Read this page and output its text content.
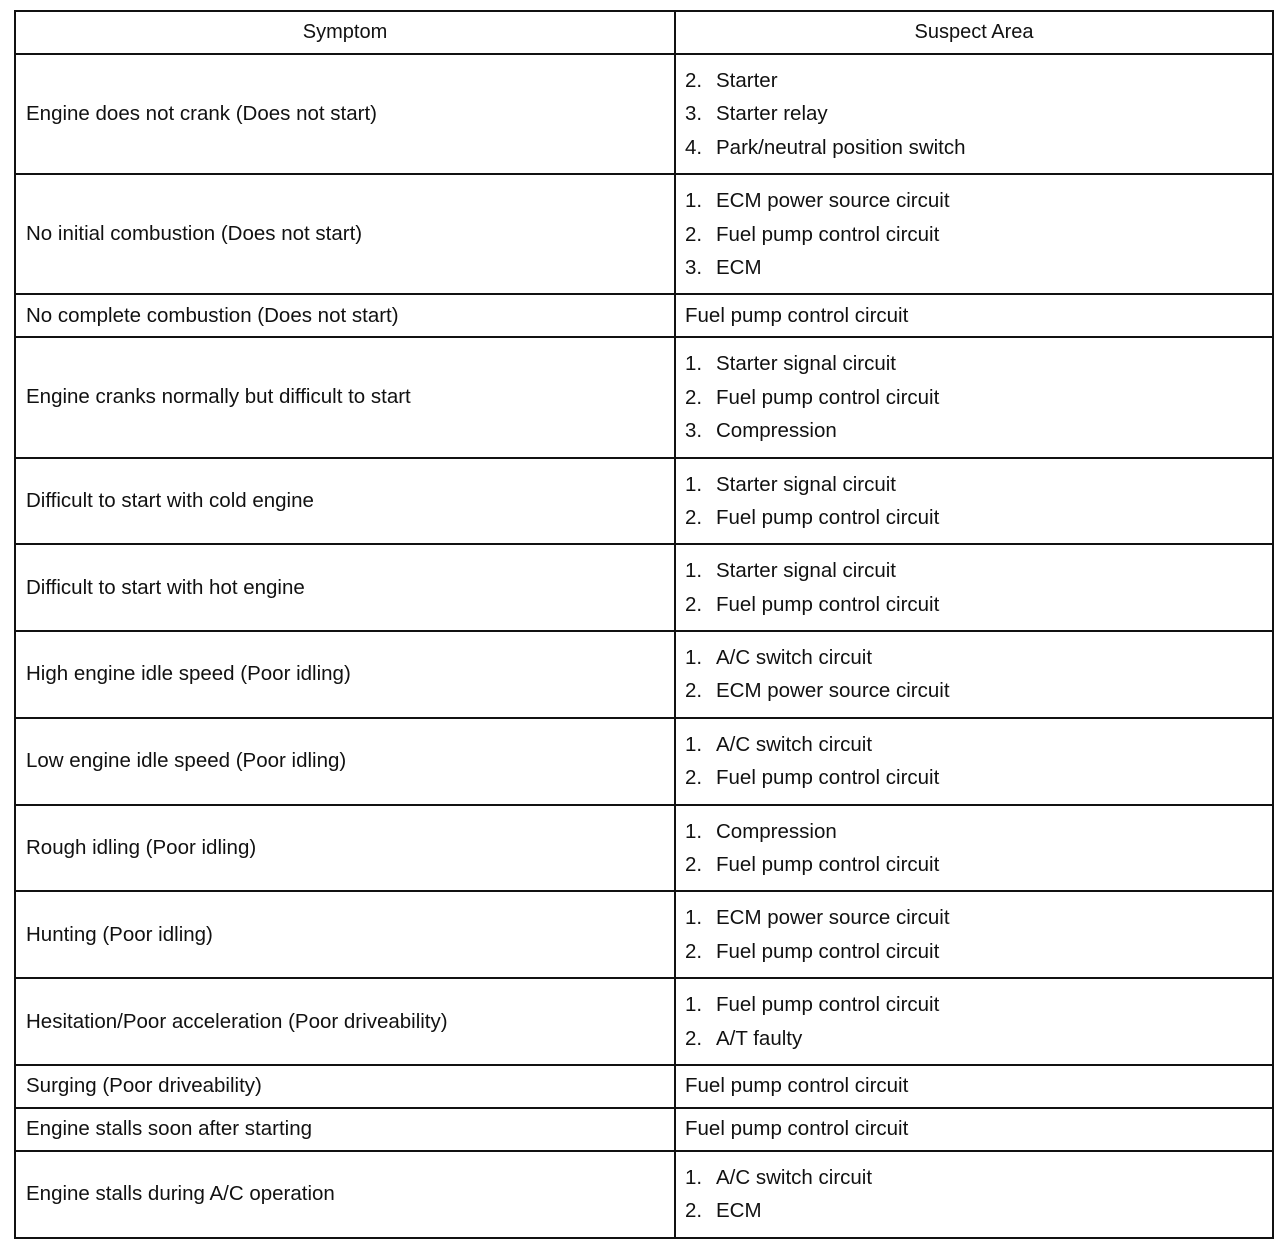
Symptom	Suspect Area
Engine does not crank (Does not start)	2. Starter
3. Starter relay
4. Park/neutral position switch

No initial combustion (Does not start)	1. ECM power source circuit
2. Fuel pump control circuit
3. ECM

No complete combustion (Does not start)	Fuel pump control circuit
Engine cranks normally but difficult to start	1. Starter signal circuit
2. Fuel pump control circuit
3. Compression

Difficult to start with cold engine	1. Starter signal circuit
2. Fuel pump control circuit

Difficult to start with hot engine	1. Starter signal circuit
2. Fuel pump control circuit

High engine idle speed (Poor idling)	1. A/C switch circuit
2. ECM power source circuit

Low engine idle speed (Poor idling)	1. A/C switch circuit
2. Fuel pump control circuit

Rough idling (Poor idling)	1. Compression
2. Fuel pump control circuit

Hunting (Poor idling)	1. ECM power source circuit
2. Fuel pump control circuit

Hesitation/Poor acceleration (Poor driveability)	1. Fuel pump control circuit
2. A/T faulty

Surging (Poor driveability)	Fuel pump control circuit
Engine stalls soon after starting	Fuel pump control circuit
Engine stalls during A/C operation	1. A/C switch circuit
2. ECM
